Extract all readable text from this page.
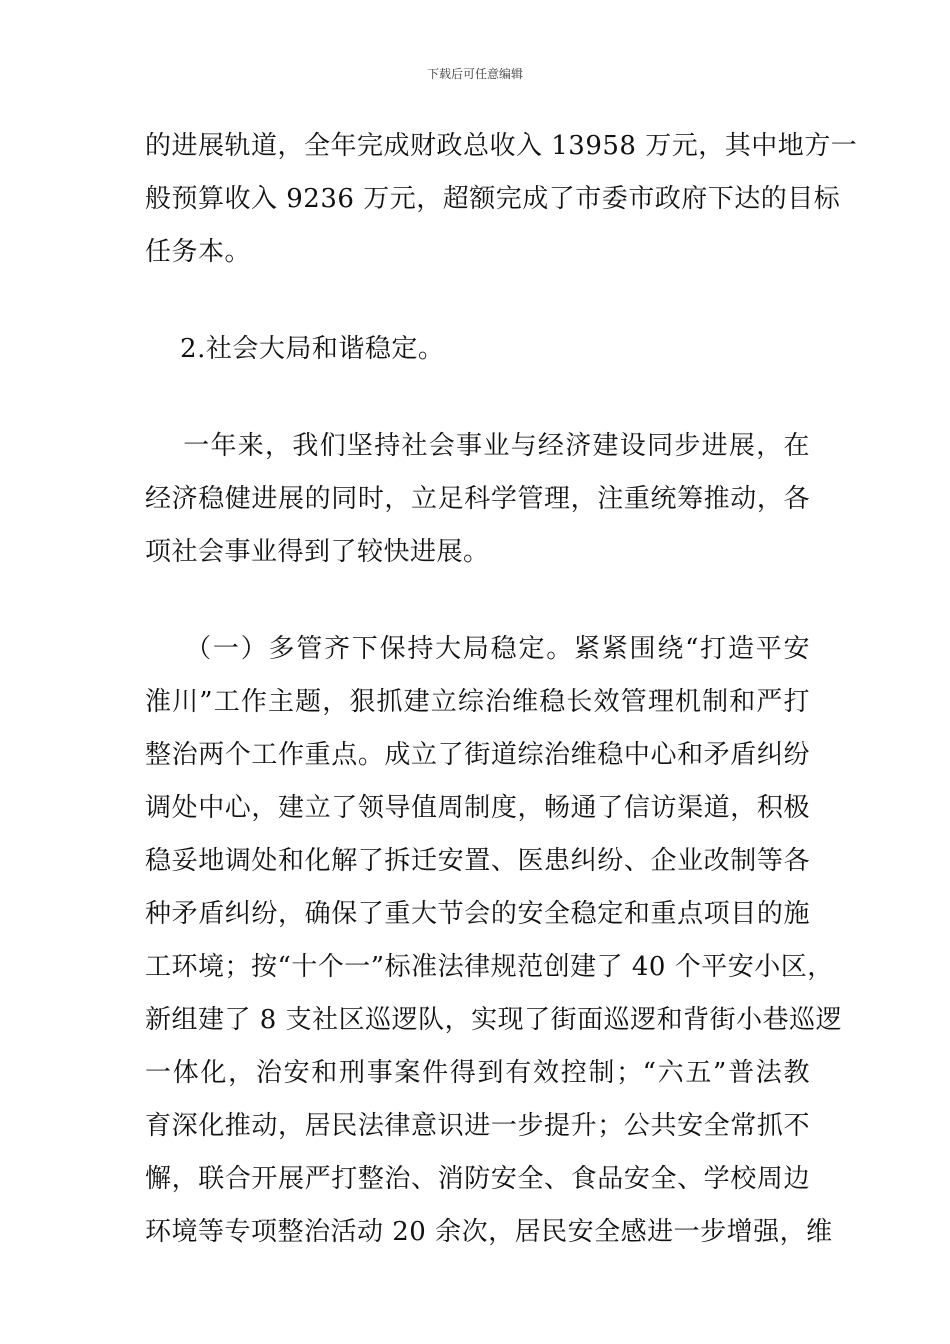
下载后可任意编辑
的进展轨道，全年完成财政总收入 13958 万元，其中地方一
般预算收入 9236 万元，超额完成了市委市政府下达的目标
任务本。
2.社会大局和谐稳定。
一年来，我们坚持社会事业与经济建设同步进展，在
经济稳健进展的同时，立足科学管理，注重统筹推动，各
项社会事业得到了较快进展。
（一）多管齐下保持大局稳定。紧紧围绕“打造平安
淮川”工作主题，狠抓建立综治维稳长效管理机制和严打
整治两个工作重点。成立了街道综治维稳中心和矛盾纠纷
调处中心，建立了领导值周制度，畅通了信访渠道，积极
稳妥地调处和化解了拆迁安置、医患纠纷、企业改制等各
种矛盾纠纷，确保了重大节会的安全稳定和重点项目的施
工环境；按“十个一”标准法律规范创建了 40 个平安小区，
新组建了 8 支社区巡逻队，实现了街面巡逻和背街小巷巡逻
一体化，治安和刑事案件得到有效控制；“六五”普法教
育深化推动，居民法律意识进一步提升；公共安全常抓不
懈，联合开展严打整治、消防安全、食品安全、学校周边
环境等专项整治活动 20 余次，居民安全感进一步增强，维
